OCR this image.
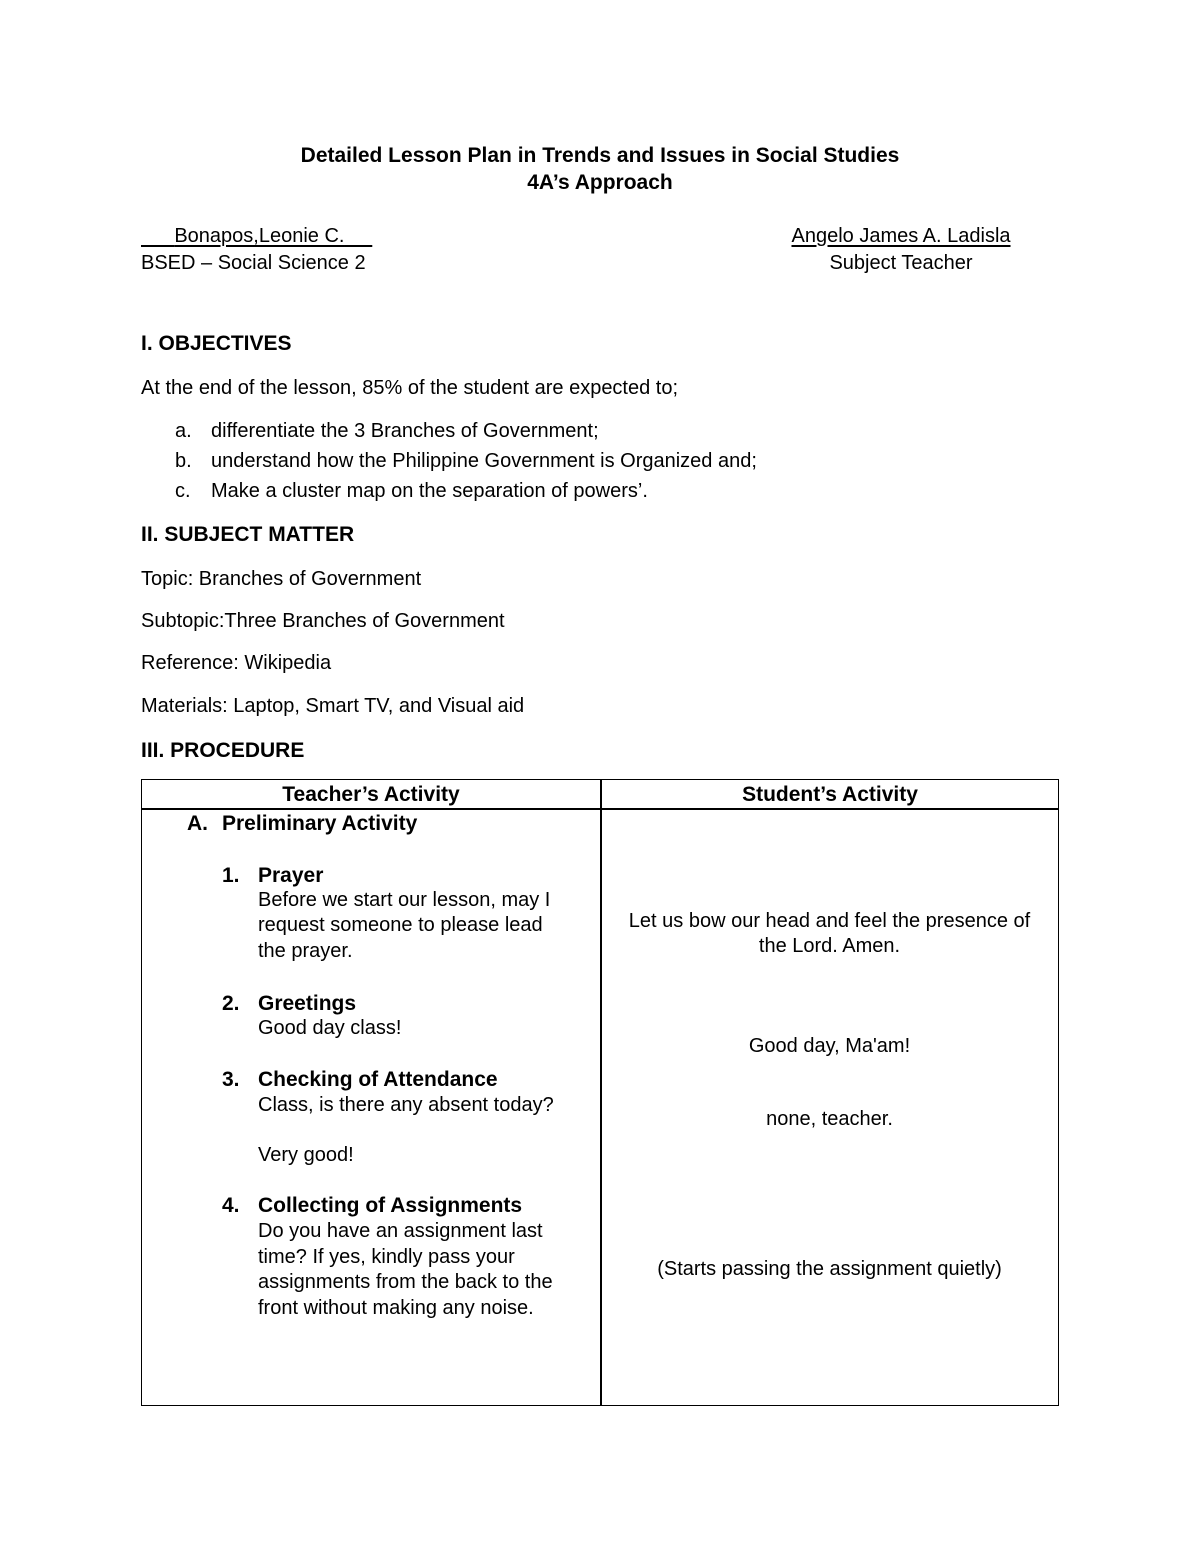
Detailed Lesson Plan in Trends and Issues in Social Studies
4A’s Approach
Bonapos,Leonie C.
BSED – Social Science 2
Angelo James A. Ladisla
Subject Teacher
I. OBJECTIVES
At the end of the lesson, 85% of the student are expected to;
a. differentiate the 3 Branches of Government;
b. understand how the Philippine Government is Organized and;
c. Make a cluster map on the separation of powers’.
II. SUBJECT MATTER
Topic: Branches of Government
Subtopic:Three Branches of Government
Reference: Wikipedia
Materials: Laptop, Smart TV, and Visual aid
III. PROCEDURE
Teacher’s Activity	Student’s Activity
A. Preliminary Activity
1. Prayer
Before we start our lesson, may I
request someone to please lead
the prayer.
2. Greetings
Good day class!
3. Checking of Attendance
Class, is there any absent today?
Very good!
4. Collecting of Assignments
Do you have an assignment last
time? If yes, kindly pass your
assignments from the back to the
front without making any noise.
Let us bow our head and feel the presence of
the Lord. Amen.
Good day, Ma'am!
none, teacher.
(Starts passing the assignment quietly)
